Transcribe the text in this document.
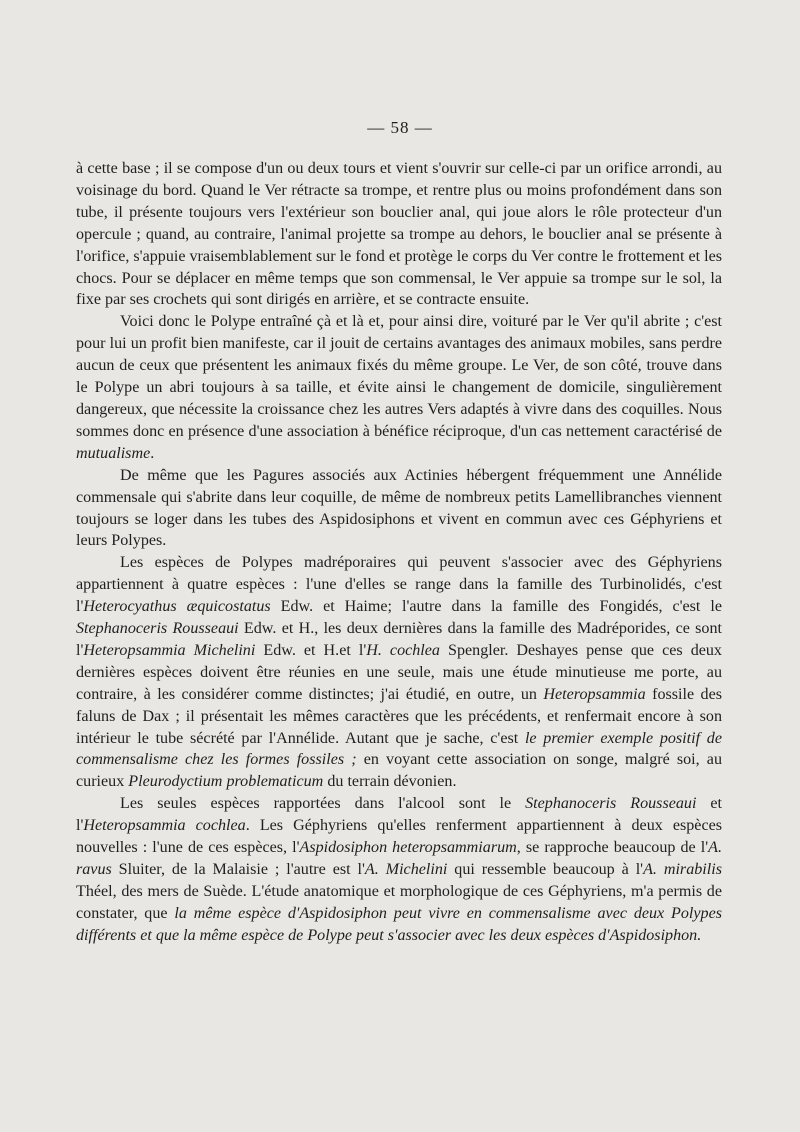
— 58 —

à cette base ; il se compose d'un ou deux tours et vient s'ouvrir sur celle-ci par un orifice arrondi, au voisinage du bord. Quand le Ver rétracte sa trompe, et rentre plus ou moins profondément dans son tube, il présente toujours vers l'extérieur son bouclier anal, qui joue alors le rôle protecteur d'un opercule ; quand, au contraire, l'animal projette sa trompe au dehors, le bouclier anal se présente à l'orifice, s'appuie vraisemblablement sur le fond et protège le corps du Ver contre le frottement et les chocs. Pour se déplacer en même temps que son commensal, le Ver appuie sa trompe sur le sol, la fixe par ses crochets qui sont dirigés en arrière, et se contracte ensuite.

Voici donc le Polype entraîné çà et là et, pour ainsi dire, voituré par le Ver qu'il abrite ; c'est pour lui un profit bien manifeste, car il jouit de certains avantages des animaux mobiles, sans perdre aucun de ceux que présentent les animaux fixés du même groupe. Le Ver, de son côté, trouve dans le Polype un abri toujours à sa taille, et évite ainsi le changement de domicile, singulièrement dangereux, que nécessite la croissance chez les autres Vers adaptés à vivre dans des coquilles. Nous sommes donc en présence d'une association à bénéfice réciproque, d'un cas nettement caractérisé de mutualisme.

De même que les Pagures associés aux Actinies hébergent fréquemment une Annélide commensale qui s'abrite dans leur coquille, de même de nombreux petits Lamellibranches viennent toujours se loger dans les tubes des Aspidosiphons et vivent en commun avec ces Géphyriens et leurs Polypes.

Les espèces de Polypes madréporaires qui peuvent s'associer avec des Géphyriens appartiennent à quatre espèces : l'une d'elles se range dans la famille des Turbinolidés, c'est l'Heterocyathus æquicostatus Edw. et Haime; l'autre dans la famille des Fongidés, c'est le Stephanoceris Rousseaui Edw. et H., les deux dernières dans la famille des Madréporides, ce sont l'Heteropsammia Michelini Edw. et H.et l'H. cochlea Spengler. Deshayes pense que ces deux dernières espèces doivent être réunies en une seule, mais une étude minutieuse me porte, au contraire, à les considérer comme distinctes; j'ai étudié, en outre, un Heteropsammia fossile des faluns de Dax ; il présentait les mêmes caractères que les précédents, et renfermait encore à son intérieur le tube sécrété par l'Annélide. Autant que je sache, c'est le premier exemple positif de commensalisme chez les formes fossiles ; en voyant cette association on songe, malgré soi, au curieux Pleurodyctium problematicum du terrain dévonien.

Les seules espèces rapportées dans l'alcool sont le Stephanoceris Rousseaui et l'Heteropsammia cochlea. Les Géphyriens qu'elles renferment appartiennent à deux espèces nouvelles : l'une de ces espèces, l'Aspidosiphon heteropsammiarum, se rapproche beaucoup de l'A. ravus Sluiter, de la Malaisie ; l'autre est l'A. Michelini qui ressemble beaucoup à l'A. mirabilis Théel, des mers de Suède. L'étude anatomique et morphologique de ces Géphyriens, m'a permis de constater, que la même espèce d'Aspidosiphon peut vivre en commensalisme avec deux Polypes différents et que la même espèce de Polype peut s'associer avec les deux espèces d'Aspidosiphon.
